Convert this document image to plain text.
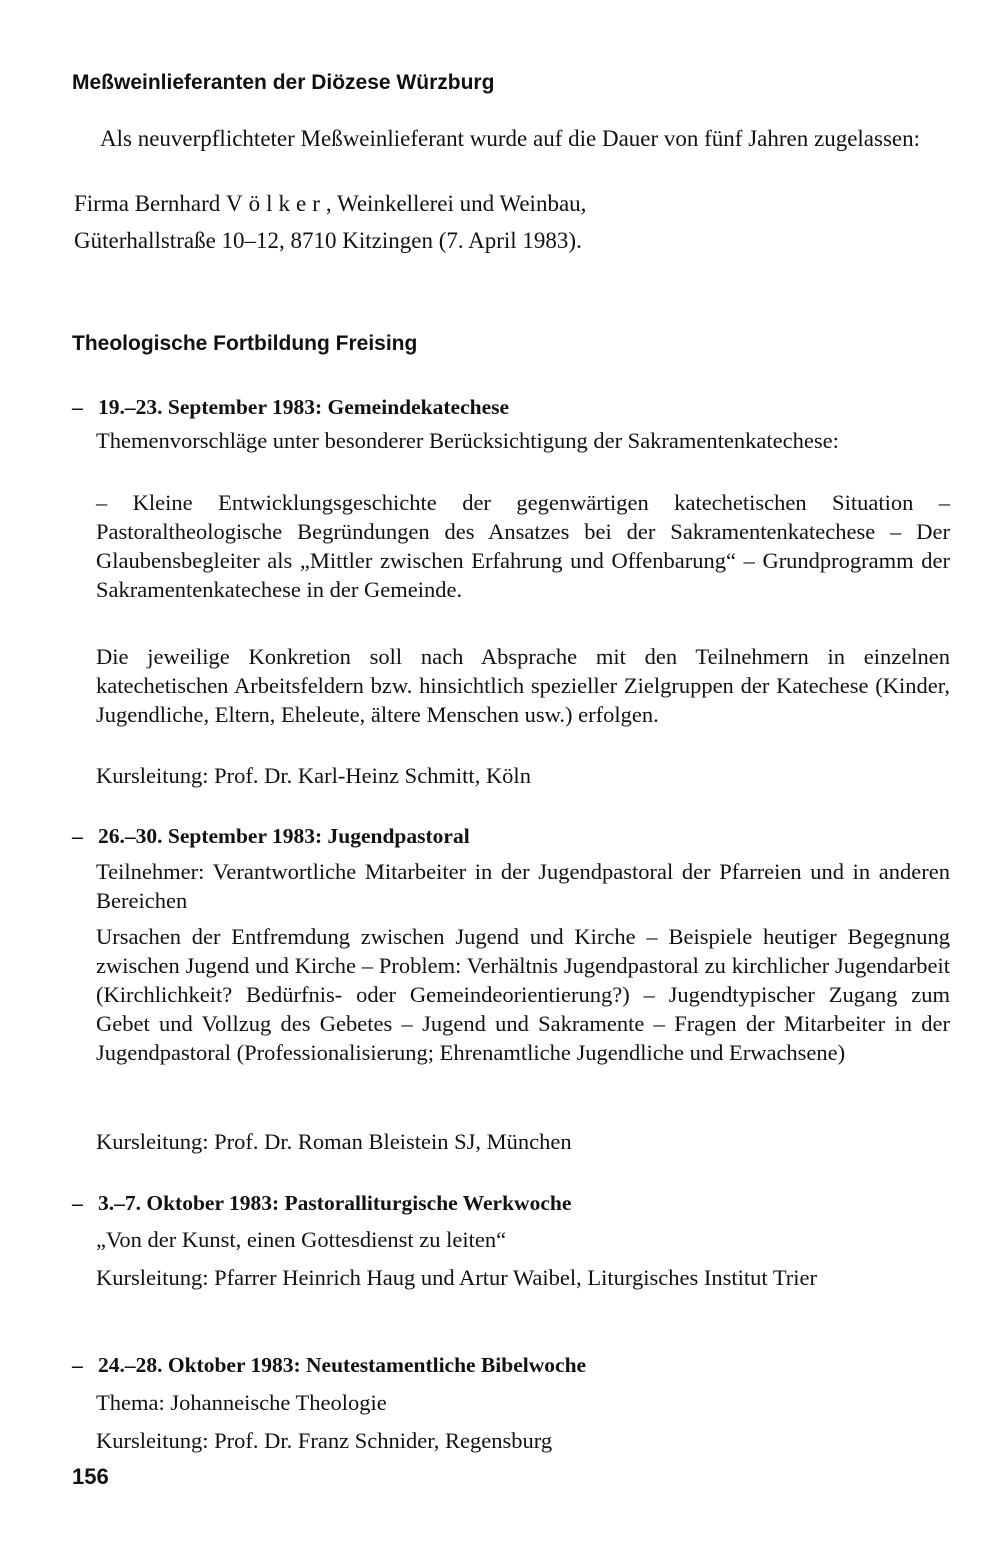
Meßweinlieferanten der Diözese Würzburg
Als neuverpflichteter Meßweinlieferant wurde auf die Dauer von fünf Jahren zugelassen:
Firma Bernhard Völker, Weinkellerei und Weinbau,
Güterhallstraße 10–12, 8710 Kitzingen (7. April 1983).
Theologische Fortbildung Freising
– 19.–23. September 1983: Gemeindekatechese
Themenvorschläge unter besonderer Berücksichtigung der Sakramentenkatechese:
– Kleine Entwicklungsgeschichte der gegenwärtigen katechetischen Situation – Pastoraltheologische Begründungen des Ansatzes bei der Sakramentenkatechese – Der Glaubensbegleiter als „Mittler zwischen Erfahrung und Offenbarung“ – Grundprogramm der Sakramentenkatechese in der Gemeinde.
Die jeweilige Konkretion soll nach Absprache mit den Teilnehmern in einzelnen katechetischen Arbeitsfeldern bzw. hinsichtlich spezieller Zielgruppen der Katechese (Kinder, Jugendliche, Eltern, Eheleute, ältere Menschen usw.) erfolgen.
Kursleitung: Prof. Dr. Karl-Heinz Schmitt, Köln
– 26.–30. September 1983: Jugendpastoral
Teilnehmer: Verantwortliche Mitarbeiter in der Jugendpastoral der Pfarreien und in anderen Bereichen
Ursachen der Entfremdung zwischen Jugend und Kirche – Beispiele heutiger Begegnung zwischen Jugend und Kirche – Problem: Verhältnis Jugendpastoral zu kirchlicher Jugendarbeit (Kirchlichkeit? Bedürfnis- oder Gemeindeorientierung?) – Jugendtypischer Zugang zum Gebet und Vollzug des Gebetes – Jugend und Sakramente – Fragen der Mitarbeiter in der Jugendpastoral (Professionalisierung; Ehrenamtliche Jugendliche und Erwachsene)
Kursleitung: Prof. Dr. Roman Bleistein SJ, München
– 3.–7. Oktober 1983: Pastoralliturgische Werkwoche
„Von der Kunst, einen Gottesdienst zu leiten“
Kursleitung: Pfarrer Heinrich Haug und Artur Waibel, Liturgisches Institut Trier
– 24.–28. Oktober 1983: Neutestamentliche Bibelwoche
Thema: Johanneische Theologie
Kursleitung: Prof. Dr. Franz Schnider, Regensburg
156
